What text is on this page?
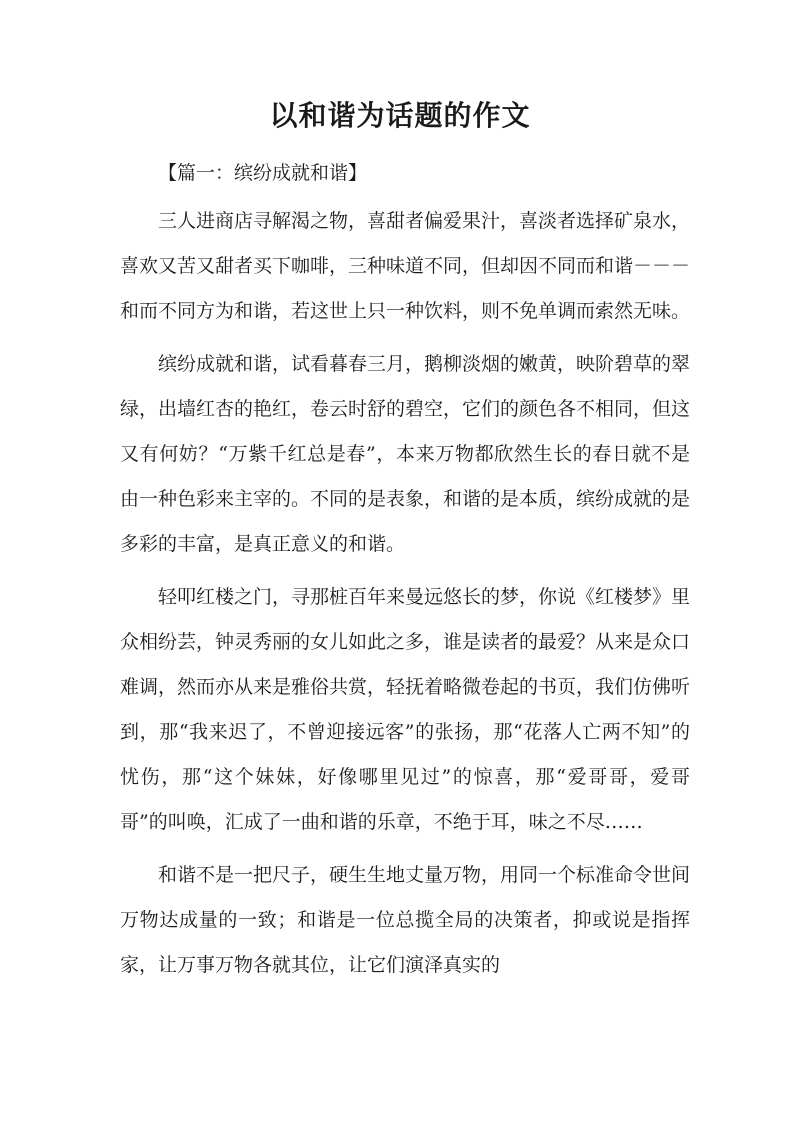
以和谐为话题的作文
【篇一：缤纷成就和谐】

三人进商店寻解渴之物，喜甜者偏爱果汁，喜淡者选择矿泉水，喜欢又苦又甜者买下咖啡，三种味道不同，但却因不同而和谐－－－和而不同方为和谐，若这世上只一种饮料，则不免单调而索然无味。

缤纷成就和谐，试看暮春三月，鹅柳淡烟的嫩黄，映阶碧草的翠绿，出墙红杏的艳红，卷云时舒的碧空，它们的颜色各不相同，但这又有何妨？“万紫千红总是春”，本来万物都欣然生长的春日就不是由一种色彩来主宰的。不同的是表象，和谐的是本质，缤纷成就的是多彩的丰富，是真正意义的和谐。

轻叩红楼之门，寻那桩百年来曼远悠长的梦，你说《红楼梦》里众相纷芸，钟灵秀丽的女儿如此之多，谁是读者的最爱？从来是众口难调，然而亦从来是雅俗共赏，轻抚着略微卷起的书页，我们仿佛听到，那“我来迟了，不曾迎接远客”的张扬，那“花落人亡两不知”的忧伤，那“这个妹妹，好像哪里见过”的惊喜，那“爱哥哥，爱哥哥”的叫唤，汇成了一曲和谐的乐章，不绝于耳，味之不尽……

和谐不是一把尺子，硬生生地丈量万物，用同一个标准命令世间万物达成量的一致；和谐是一位总揽全局的决策者，抑或说是指挥家，让万事万物各就其位，让它们演泽真实的
